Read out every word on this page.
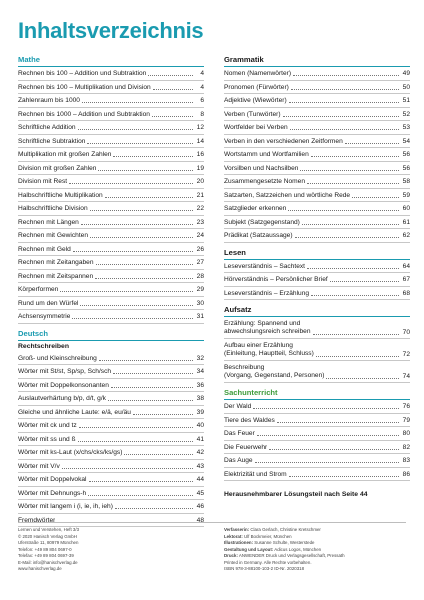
Inhaltsverzeichnis
Mathe
Rechnen bis 100 – Addition und Subtraktion	4
Rechnen bis 100 – Multiplikation und Division	4
Zahlenraum bis 1000	6
Rechnen bis 1000 – Addition und Subtraktion	8
Schriftliche Addition	12
Schriftliche Subtraktion	14
Multiplikation mit großen Zahlen	16
Division mit großen Zahlen	19
Division mit Rest	20
Halbschriftliche Multiplikation	21
Halbschriftliche Division	22
Rechnen mit Längen	23
Rechnen mit Gewichten	24
Rechnen mit Geld	26
Rechnen mit Zeitangaben	27
Rechnen mit Zeitspannen	28
Körperformen	29
Rund um den Würfel	30
Achsensymmetrie	31
Deutsch
Rechtschreiben
Groß- und Kleinschreibung	32
Wörter mit St/st, Sp/sp, Sch/sch	34
Wörter mit Doppelkonsonanten	36
Auslautverhärtung b/p, d/t, g/k	38
Gleiche und ähnliche Laute: e/ä, eu/äu	39
Wörter mit ck und tz	40
Wörter mit ss und ß	41
Wörter mit ks-Laut (x/chs/cks/ks/gs)	42
Wörter mit V/v	43
Wörter mit Doppelvokal	44
Wörter mit Dehnungs-h	45
Wörter mit langem i (i, ie, ih, ieh)	46
Fremdwörter	48
Grammatik
Nomen (Namenwörter)	49
Pronomen (Fürwörter)	50
Adjektive (Wiewörter)	51
Verben (Tunwörter)	52
Wortfelder bei Verben	53
Verben in den verschiedenen Zeitformen	54
Wortstamm und Wortfamilien	56
Vorsilben und Nachsilben	56
Zusammengesetzte Nomen	58
Satzarten, Satzzeichen und wörtliche Rede	59
Satzglieder erkennen	60
Subjekt (Satzgegenstand)	61
Prädikat (Satzaussage)	62
Lesen
Leseverständnis – Sachtext	64
Hörverständnis – Persönlicher Brief	67
Leseverständnis – Erzählung	68
Aufsatz
Erzählung: Spannend und
abwechslungsreich schreiben	70
Aufbau einer Erzählung
(Einleitung, Hauptteil, Schluss)	72
Beschreibung
(Vorgang, Gegenstand, Personen)	74
Sachunterricht
Der Wald	76
Tiere des Waldes	79
Das Feuer	80
Die Feuerwehr	82
Das Auge	83
Elektrizität und Strom	86
Herausnehmbarer Lösungsteil nach Seite 44
Lernen und Verstehen, Heft 3/3
© 2020 Hanisch Verlag GmbH
Uferstraße 11, 80979 München
Telefon: +49 89 804 0697-0
Telefax: +49 89 804 0697-39
E-Mail: info@hanischverlag.de
www.hanischverlag.de
Verfasserin: Clara Gerlach, Christine Kretschmer
Lektorat: Ulf Bockmeier, München
Illustrationen: Susanne Schulte, Westerstede
Gestaltung und Layout: Adicus Logos, München
Druck: ANWENDER Druck und Verlagsgesellschaft, Pressath
Printed in Germany. Alle Rechte vorbehalten.
ISBN 978-3-88100-103-2 ID-Nr. 2020318
